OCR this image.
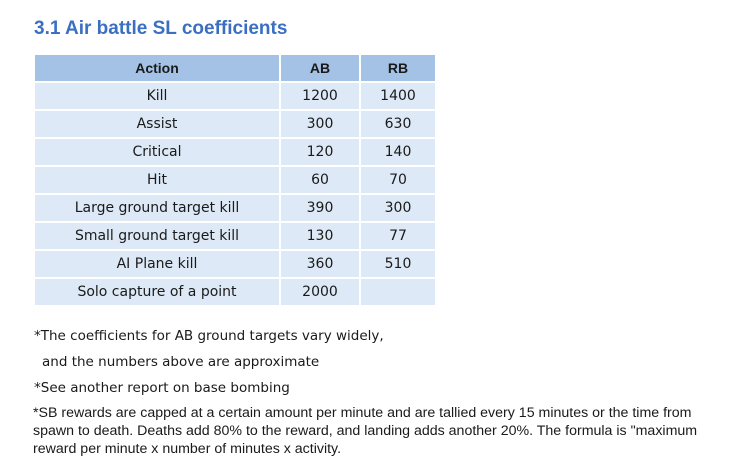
3.1 Air battle SL coefficients
Action	AB	RB
Kill	1200	1400
Assist	300	630
Critical	120	140
Hit	60	70
Large ground target kill	390	300
Small ground target kill	130	77
AI Plane kill	360	510
Solo capture of a point	2000	

*The coefficients for AB ground targets vary widely,

and the numbers above are approximate

*See another report on base bombing

*SB rewards are capped at a certain amount per minute and are tallied every 15 minutes or the time from spawn to death. Deaths add 80% to the reward, and landing adds another 20%. The formula is "maximum reward per minute x number of minutes x activity.
